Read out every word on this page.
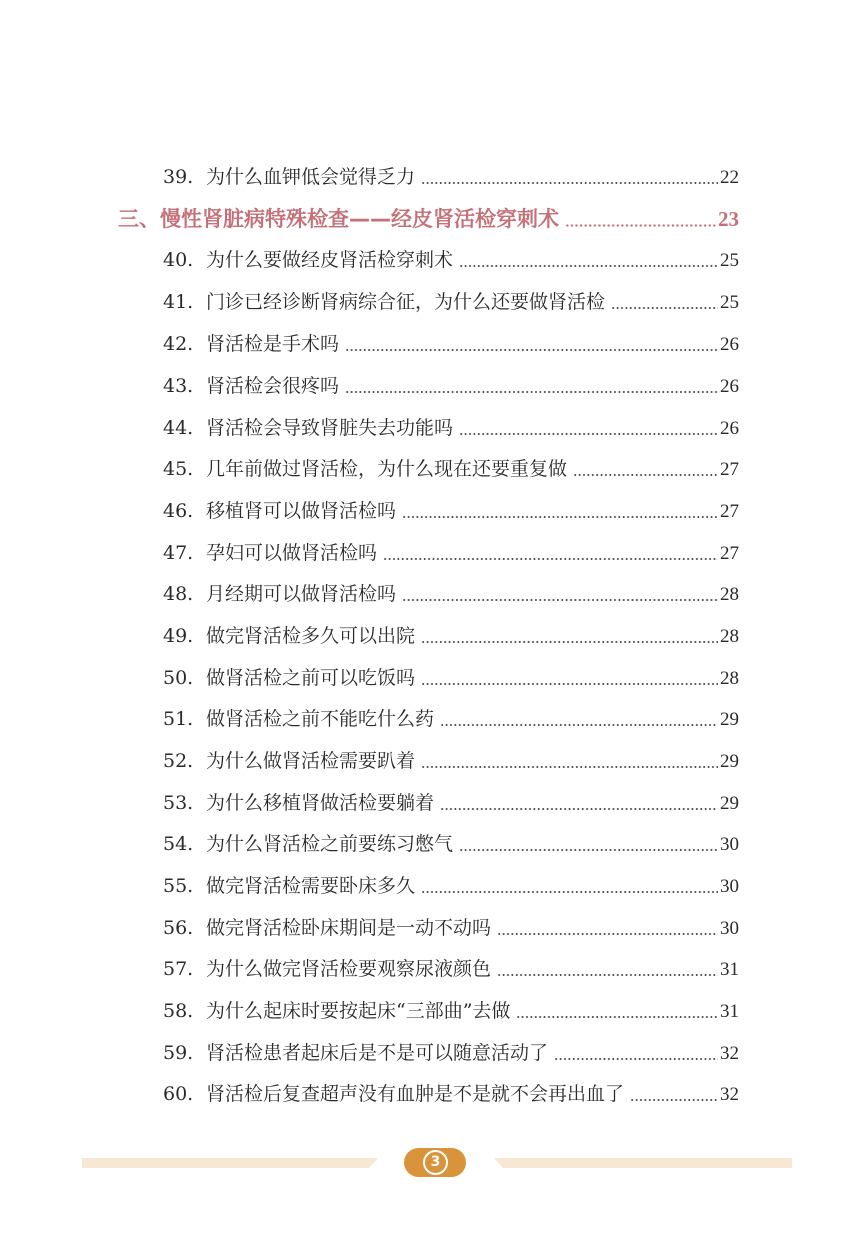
39. 为什么血钾低会觉得乏力	22
三、慢性肾脏病特殊检查——经皮肾活检穿刺术	23
40. 为什么要做经皮肾活检穿刺术	25
41. 门诊已经诊断肾病综合征，为什么还要做肾活检	25
42. 肾活检是手术吗	26
43. 肾活检会很疼吗	26
44. 肾活检会导致肾脏失去功能吗	26
45. 几年前做过肾活检，为什么现在还要重复做	27
46. 移植肾可以做肾活检吗	27
47. 孕妇可以做肾活检吗	27
48. 月经期可以做肾活检吗	28
49. 做完肾活检多久可以出院	28
50. 做肾活检之前可以吃饭吗	28
51. 做肾活检之前不能吃什么药	29
52. 为什么做肾活检需要趴着	29
53. 为什么移植肾做活检要躺着	29
54. 为什么肾活检之前要练习憋气	30
55. 做完肾活检需要卧床多久	30
56. 做完肾活检卧床期间是一动不动吗	30
57. 为什么做完肾活检要观察尿液颜色	31
58. 为什么起床时要按起床“三部曲”去做	31
59. 肾活检患者起床后是不是可以随意活动了	32
60. 肾活检后复查超声没有血肿是不是就不会再出血了	32
3
